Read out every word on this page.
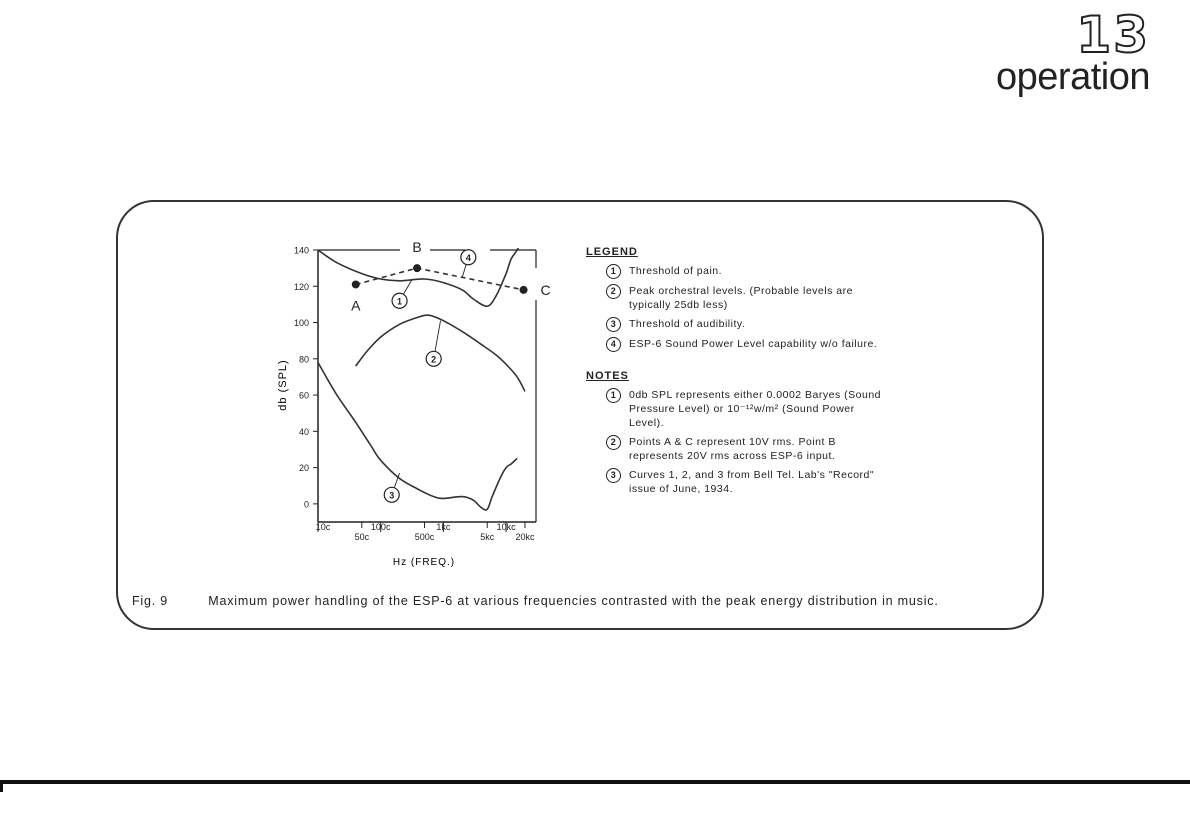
13
operation
db (SPL)
Hz (FREQ.)
0
20
40
60
80
100
120
140
10c	100c	1kc	10kc
50c	500c	5kc 20kc
A
B
C
1
2
3
4	LEGEND
1	Threshold of pain.
2	Peak orchestral levels. (Probable levels are typically 25db less)
3	Threshold of audibility.
4	ESP-6 Sound Power Level capability w/o failure.
NOTES
1	0db SPL represents either 0.0002 Baryes (Sound Pressure Level) or 10⁻¹²w/m² (Sound Power Level).
2	Points A & C represent 10V rms. Point B represents 20V rms across ESP-6 input.
3	Curves 1, 2, and 3 from Bell Tel. Lab's "Record" issue of June, 1934.
Fig. 9	Maximum power handling of the ESP-6 at various frequencies contrasted with the peak energy distribution in music.
